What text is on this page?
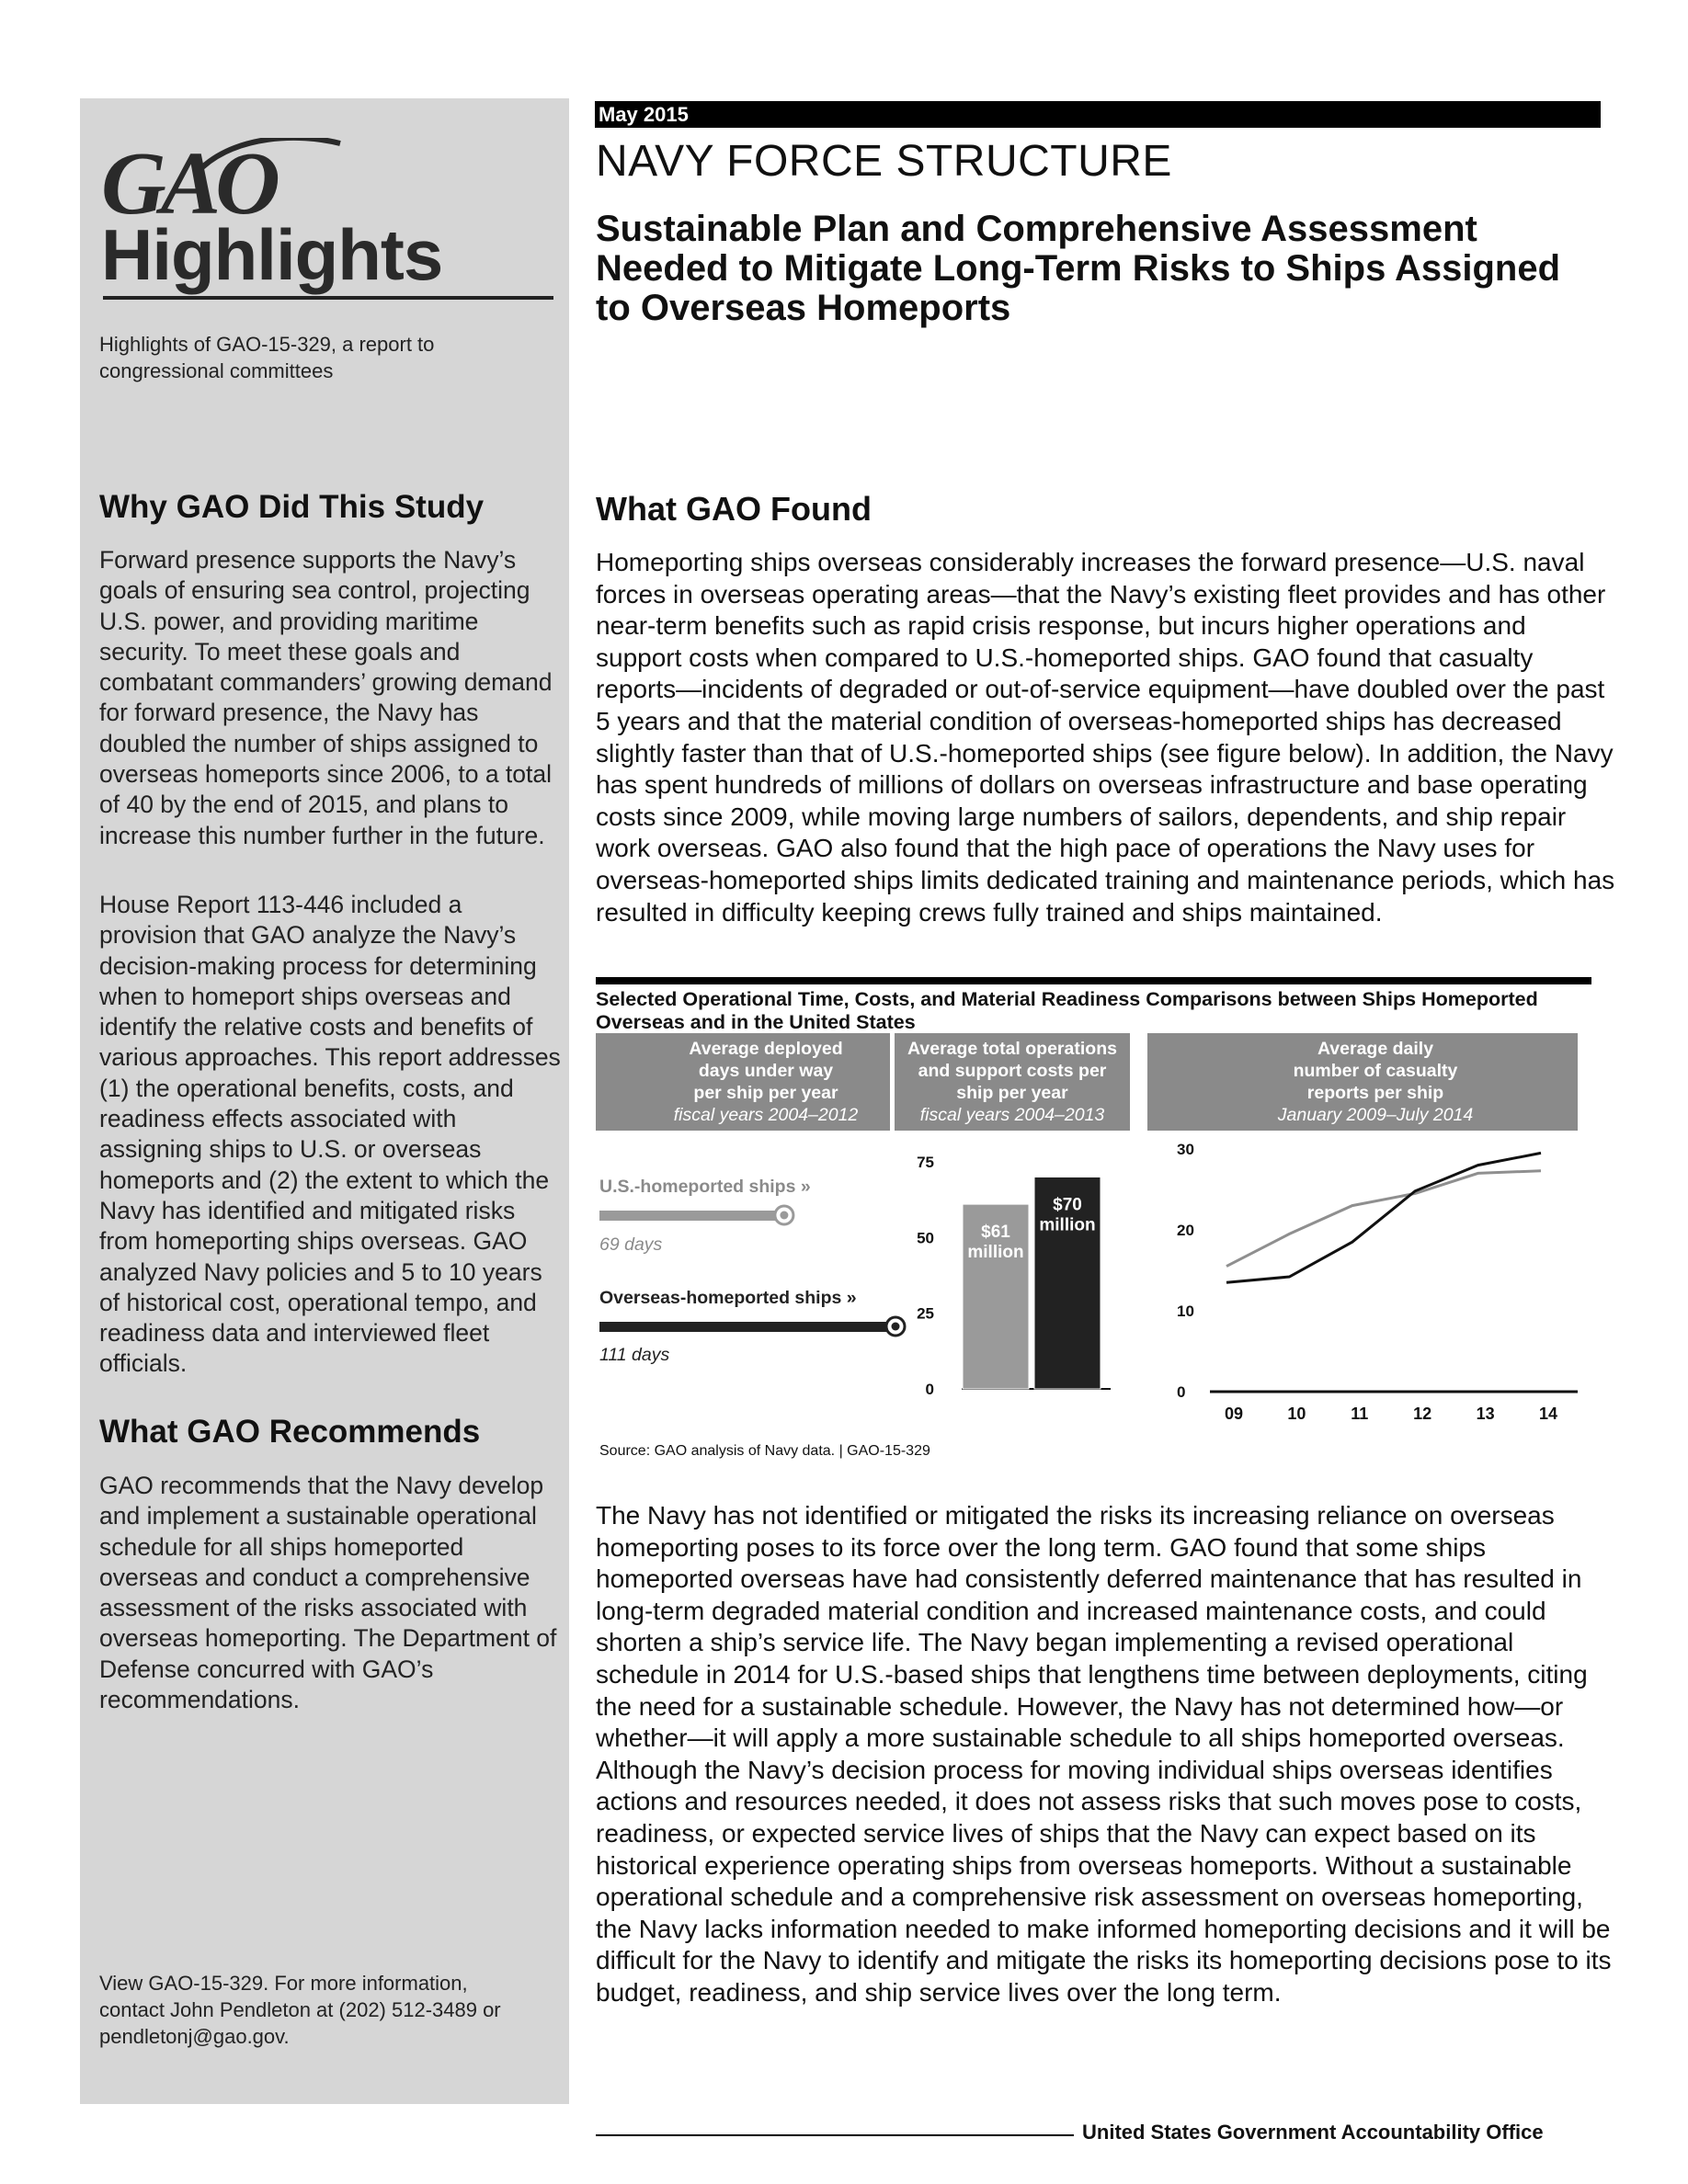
GAO
Highlights
Highlights of GAO-15-329, a report to congressional committees
Why GAO Did This Study

Forward presence supports the Navy’s goals of ensuring sea control, projecting U.S. power, and providing maritime security. To meet these goals and combatant commanders’ growing demand for forward presence, the Navy has doubled the number of ships assigned to overseas homeports since 2006, to a total of 40 by the end of 2015, and plans to increase this number further in the future.

House Report 113-446 included a provision that GAO analyze the Navy’s decision-making process for determining when to homeport ships overseas and identify the relative costs and benefits of various approaches. This report addresses (1) the operational benefits, costs, and readiness effects associated with assigning ships to U.S. or overseas homeports and (2) the extent to which the Navy has identified and mitigated risks from homeporting ships overseas. GAO analyzed Navy policies and 5 to 10 years of historical cost, operational tempo, and readiness data and interviewed fleet officials.

What GAO Recommends

GAO recommends that the Navy develop and implement a sustainable operational schedule for all ships homeported overseas and conduct a comprehensive assessment of the risks associated with overseas homeporting. The Department of Defense concurred with GAO’s recommendations.

View GAO-15-329. For more information, contact John Pendleton at (202) 512-3489 or pendletonj@gao.gov.
May 2015
NAVY FORCE STRUCTURE
Sustainable Plan and Comprehensive Assessment Needed to Mitigate Long-Term Risks to Ships Assigned to Overseas Homeports
What GAO Found

Homeporting ships overseas considerably increases the forward presence—U.S. naval forces in overseas operating areas—that the Navy’s existing fleet provides and has other near-term benefits such as rapid crisis response, but incurs higher operations and support costs when compared to U.S.-homeported ships. GAO found that casualty reports—incidents of degraded or out-of-service equipment—have doubled over the past 5 years and that the material condition of overseas-homeported ships has decreased slightly faster than that of U.S.-homeported ships (see figure below). In addition, the Navy has spent hundreds of millions of dollars on overseas infrastructure and base operating costs since 2009, while moving large numbers of sailors, dependents, and ship repair work overseas. GAO also found that the high pace of operations the Navy uses for overseas-homeported ships limits dedicated training and maintenance periods, which has resulted in difficulty keeping crews fully trained and ships maintained.

Selected Operational Time, Costs, and Material Readiness Comparisons between Ships Homeported Overseas and in the United States
Average deployed
days under way
per ship per year
fiscal years 2004–2012
Average total operations
and support costs per
ship per year
fiscal years 2004–2013
Average daily
number of casualty
reports per ship
January 2009–July 2014
U.S.-homeported ships »
69 days
Overseas-homeported ships »
111 days
0
25
50
75
$61
million
$70
million
0
10
20
30
09	10	11	12	13	14
Source: GAO analysis of Navy data. | GAO-15-329

The Navy has not identified or mitigated the risks its increasing reliance on overseas homeporting poses to its force over the long term. GAO found that some ships homeported overseas have had consistently deferred maintenance that has resulted in long-term degraded material condition and increased maintenance costs, and could shorten a ship’s service life. The Navy began implementing a revised operational schedule in 2014 for U.S.-based ships that lengthens time between deployments, citing the need for a sustainable schedule. However, the Navy has not determined how—or whether—it will apply a more sustainable schedule to all ships homeported overseas. Although the Navy’s decision process for moving individual ships overseas identifies actions and resources needed, it does not assess risks that such moves pose to costs, readiness, or expected service lives of ships that the Navy can expect based on its historical experience operating ships from overseas homeports. Without a sustainable operational schedule and a comprehensive risk assessment on overseas homeporting, the Navy lacks information needed to make informed homeporting decisions and it will be difficult for the Navy to identify and mitigate the risks its homeporting decisions pose to its budget, readiness, and ship service lives over the long term.

United States Government Accountability Office
